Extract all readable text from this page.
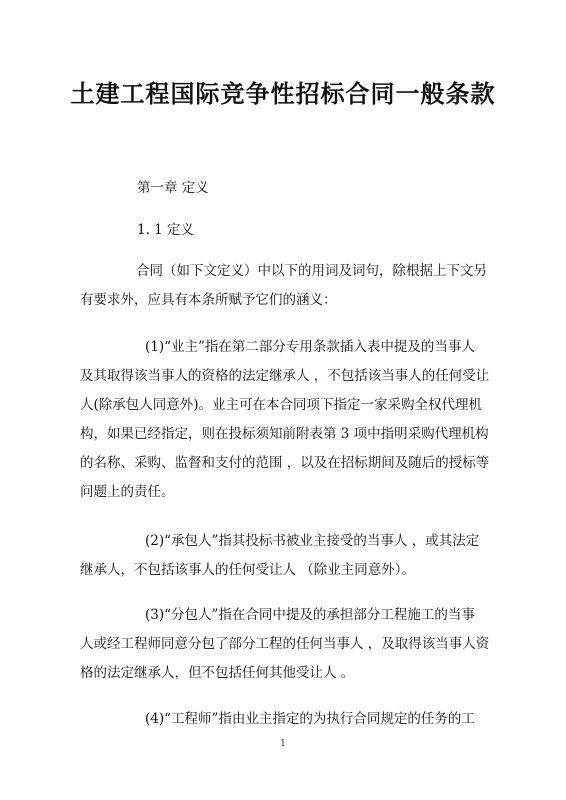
土建工程国际竞争性招标合同一般条款

第一章 定义

1. 1 定义

合同（如下文定义）中以下的用词及词句，除根据上下文另
有要求外，应具有本条所赋予它们的涵义：

(1)“业主”指在第二部分专用条款插入表中提及的当事人
及其取得该当事人的资格的法定继承人 ，不包括该当事人的任何受让
人(除承包人同意外)。业主可在本合同项下指定一家采购全权代理机
构，如果已经指定，则在投标须知前附表第 3 项中指明采购代理机构
的名称、采购、监督和支付的范围 ，以及在招标期间及随后的授标等
问题上的责任。

(2)“承包人”指其投标书被业主接受的当事人 ，或其法定
继承人，不包括该事人的任何受让人 （除业主同意外）。

(3)“分包人”指在合同中提及的承担部分工程施工的当事
人或经工程师同意分包了部分工程的任何当事人 ，及取得该当事人资
格的法定继承人，但不包括任何其他受让人 。

(4)“工程师”指由业主指定的为执行合同规定的任务的工

1
